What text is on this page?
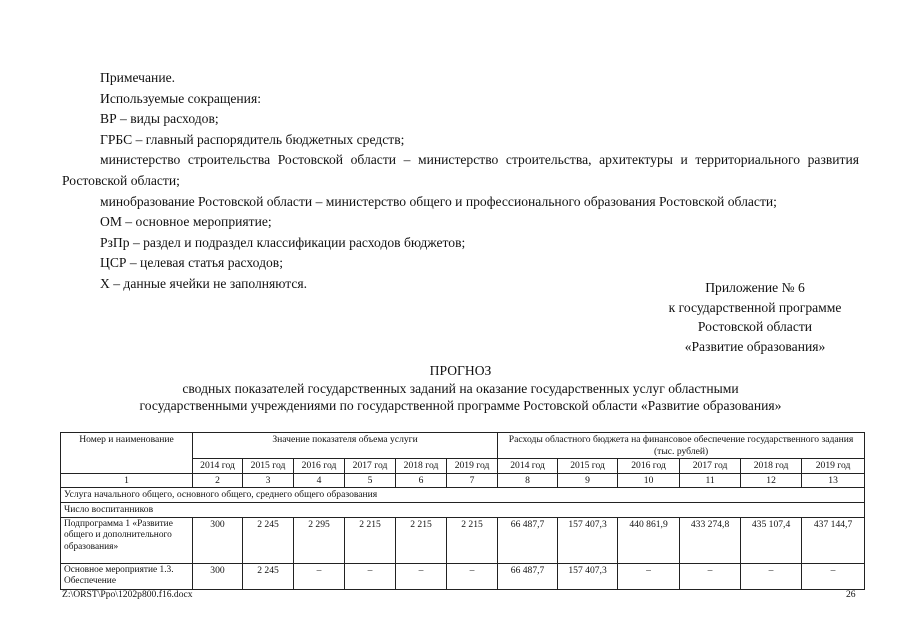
Примечание.

Используемые сокращения:

ВР – виды расходов;

ГРБС – главный распорядитель бюджетных средств;

министерство строительства Ростовской области – министерство строительства, архитектуры и территориального развития Ростовской области;

минобразование Ростовской области – министерство общего и профессионального образования Ростовской области;

ОМ – основное мероприятие;

РзПр – раздел и подраздел классификации расходов бюджетов;

ЦСР – целевая статья расходов;

Х – данные ячейки не заполняются.	Приложение № 6
к государственной программе
Ростовской области
«Развитие образования»
ПРОГНОЗ
сводных показателей государственных заданий на оказание государственных услуг областными
государственными учреждениями по государственной программе Ростовской области «Развитие образования»
Номер и наименование	Значение показателя объема услуги						Расходы областного бюджета на финансовое обеспечение государственного задания (тыс. рублей)					
	2014 год	2015 год	2016 год	2017 год	2018 год	2019 год	2014 год	2015 год	2016 год	2017 год	2018 год	2019 год
1	2	3	4	5	6	7	8	9	10	11	12	13
Услуга начального общего, основного общего, среднего общего образования												
Число воспитанников												
Подпрограмма 1 «Развитие общего и дополнительного образования»	300	2 245	2 295	2 215	2 215	2 215	66 487,7	157 407,3	440 861,9	433 274,8	435 107,4	437 144,7
Основное мероприятие 1.3. Обеспечение	300	2 245	–	–	–	–	66 487,7	157 407,3	–	–	–	–
Z:\ORST\Ppo\1202p800.f16.docx	26
